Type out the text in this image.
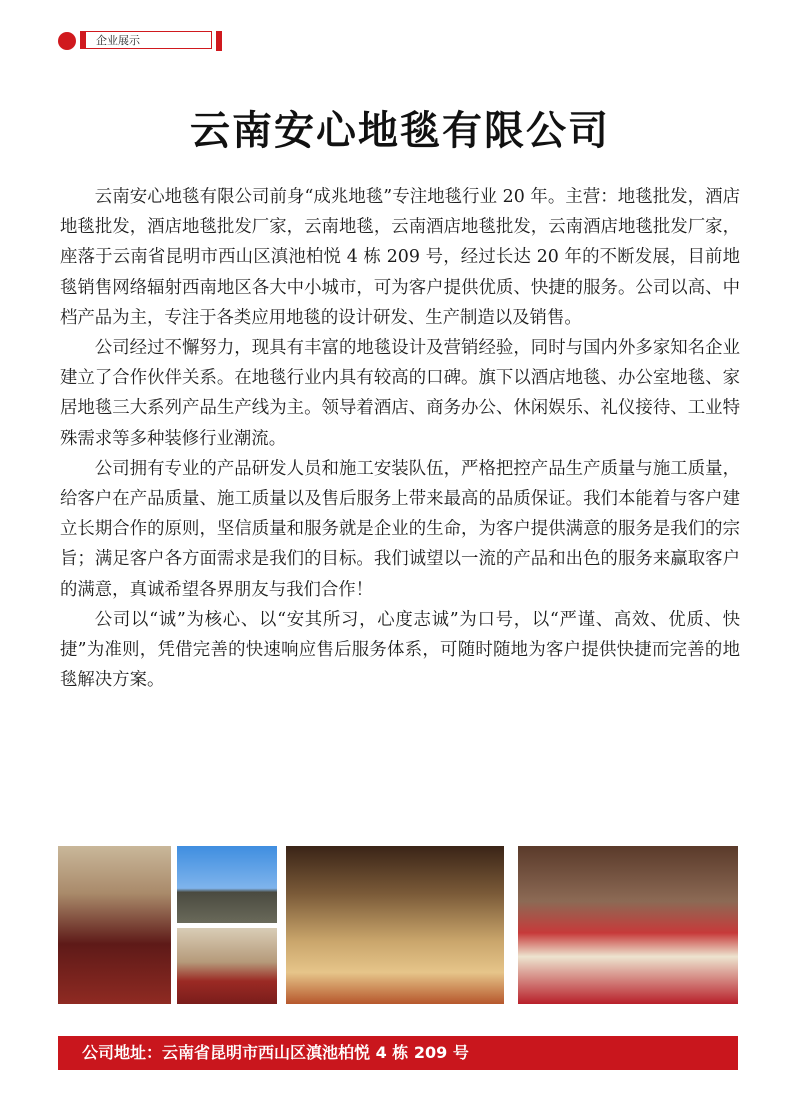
企业展示
云南安心地毯有限公司

云南安心地毯有限公司前身“成兆地毯”专注地毯行业 20 年。主营：地毯批发，酒店地毯批发，酒店地毯批发厂家，云南地毯，云南酒店地毯批发，云南酒店地毯批发厂家，座落于云南省昆明市西山区滇池柏悦 4 栋 209 号，经过长达 20 年的不断发展，目前地毯销售网络辐射西南地区各大中小城市，可为客户提供优质、快捷的服务。公司以高、中档产品为主，专注于各类应用地毯的设计研发、生产制造以及销售。

公司经过不懈努力，现具有丰富的地毯设计及营销经验，同时与国内外多家知名企业建立了合作伙伴关系。在地毯行业内具有较高的口碑。旗下以酒店地毯、办公室地毯、家居地毯三大系列产品生产线为主。领导着酒店、商务办公、休闲娱乐、礼仪接待、工业特殊需求等多种装修行业潮流。

公司拥有专业的产品研发人员和施工安装队伍，严格把控产品生产质量与施工质量，给客户在产品质量、施工质量以及售后服务上带来最高的品质保证。我们本能着与客户建立长期合作的原则，坚信质量和服务就是企业的生命，为客户提供满意的服务是我们的宗旨；满足客户各方面需求是我们的目标。我们诚望以一流的产品和出色的服务来赢取客户的满意，真诚希望各界朋友与我们合作！

公司以“诚”为核心、以“安其所习，心度志诚”为口号，以“严谨、高效、优质、快捷”为准则，凭借完善的快速响应售后服务体系，可随时随地为客户提供快捷而完善的地毯解决方案。

公司地址：云南省昆明市西山区滇池柏悦 4 栋 209 号
